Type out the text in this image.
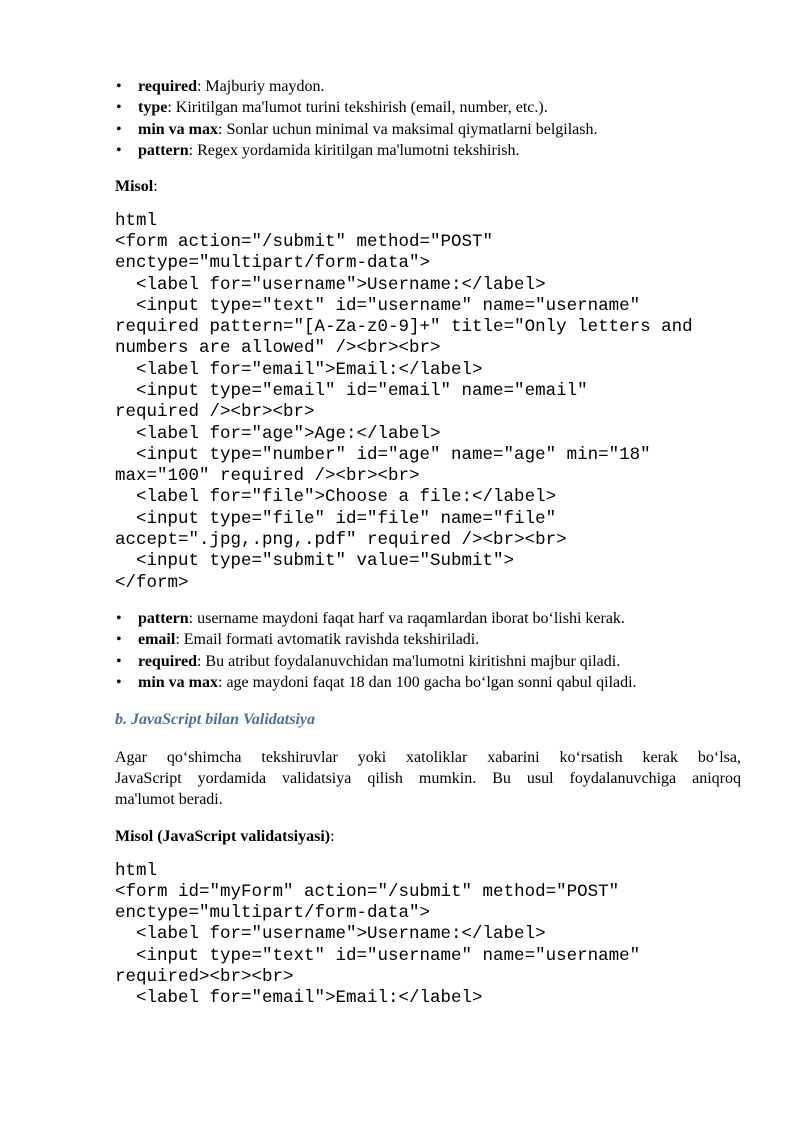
• required: Majburiy maydon.
• type: Kiritilgan ma'lumot turini tekshirish (email, number, etc.).
• min va max: Sonlar uchun minimal va maksimal qiymatlarni belgilash.
• pattern: Regex yordamida kiritilgan ma'lumotni tekshirish.
Misol:
html
<form action="/submit" method="POST"
enctype="multipart/form-data">
<label for="username">Username:</label>
<input type="text" id="username" name="username"
required pattern="[A-Za-z0-9]+" title="Only letters and
numbers are allowed" /><br><br>
<label for="email">Email:</label>
<input type="email" id="email" name="email"
required /><br><br>
<label for="age">Age:</label>
<input type="number" id="age" name="age" min="18"
max="100" required /><br><br>
<label for="file">Choose a file:</label>
<input type="file" id="file" name="file"
accept=".jpg,.png,.pdf" required /><br><br>
<input type="submit" value="Submit">
</form>
• pattern: username maydoni faqat harf va raqamlardan iborat bo‘lishi kerak.
• email: Email formati avtomatik ravishda tekshiriladi.
• required: Bu atribut foydalanuvchidan ma'lumotni kiritishni majbur qiladi.
• min va max: age maydoni faqat 18 dan 100 gacha bo‘lgan sonni qabul qiladi.
b. JavaScript bilan Validatsiya
Agar qo‘shimcha tekshiruvlar yoki xatoliklar xabarini ko‘rsatish kerak bo‘lsa,
JavaScript yordamida validatsiya qilish mumkin. Bu usul foydalanuvchiga aniqroq
ma'lumot beradi.
Misol (JavaScript validatsiyasi):
html
<form id="myForm" action="/submit" method="POST"
enctype="multipart/form-data">
<label for="username">Username:</label>
<input type="text" id="username" name="username"
required><br><br>
<label for="email">Email:</label>
